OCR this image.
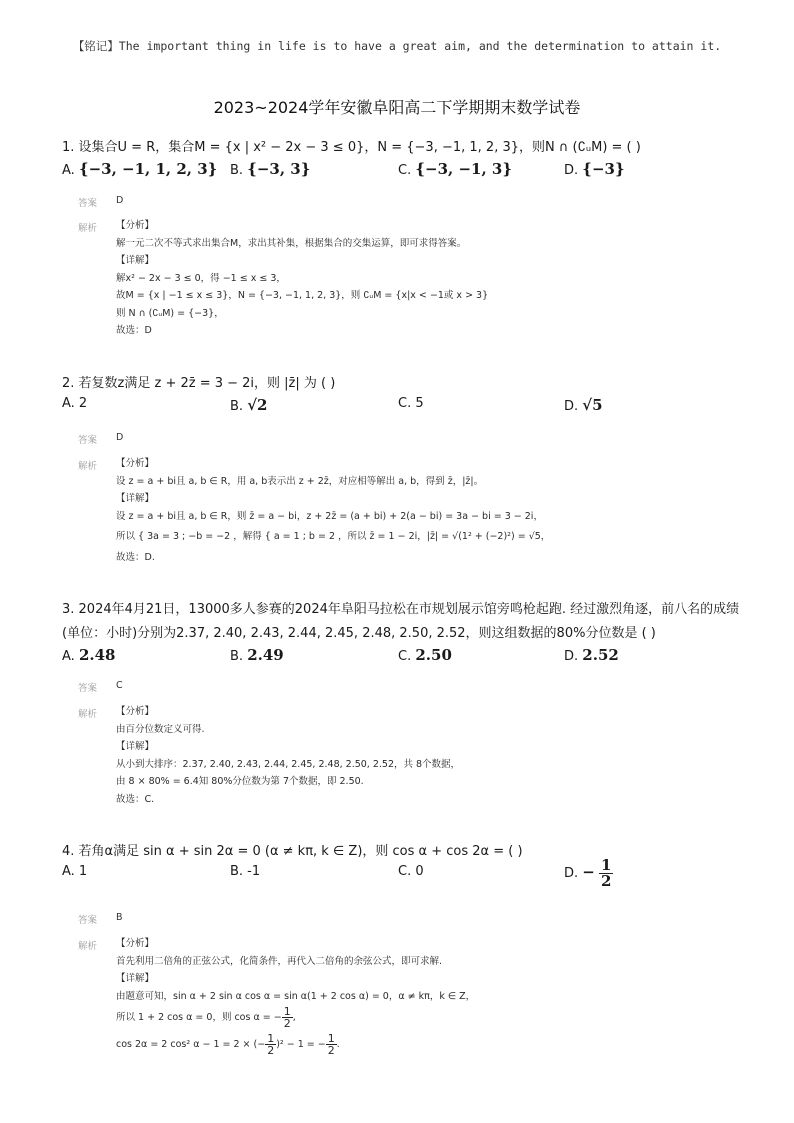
【铭记】The important thing in life is to have a great aim, and the determination to attain it.
2023~2024学年安徽阜阳高二下学期期末数学试卷
1. 设集合U = R，集合M = {x | x² − 2x − 3 ≤ 0}，N = {−3, −1, 1, 2, 3}，则N ∩ (∁ᵤM) = ( )
A. {−3, −1, 1, 2, 3} B. {−3, 3}	C. {−3, −1, 3}	D. {−3}
答案 D
解析 【分析】
解一元二次不等式求出集合M，求出其补集，根据集合的交集运算，即可求得答案。
【详解】
解x² − 2x − 3 ≤ 0，得 −1 ≤ x ≤ 3，
故M = {x | −1 ≤ x ≤ 3}，N = {−3, −1, 1, 2, 3}，则 ∁ᵤM = {x|x < −1或 x > 3}
则 N ∩ (∁ᵤM) = {−3}，
故选：D
2. 若复数z满足 z + 2z̄ = 3 − 2i，则 |z̄| 为 ( )
A. 2	B. √2	C. 5	D. √5
答案 D
解析 【分析】
设 z = a + bi且 a, b ∈ R，用 a, b表示出 z + 2z̄，对应相等解出 a, b，得到 z̄，|z̄|。
【详解】
设 z = a + bi且 a, b ∈ R，则 z̄ = a − bi，z + 2z̄ = (a + bi) + 2(a − bi) = 3a − bi = 3 − 2i，
所以 { 3a = 3 ; −b = −2 ，解得 { a = 1 ; b = 2 ，所以 z̄ = 1 − 2i，|z̄| = √(1² + (−2)²) = √5，
故选：D.
3. 2024年4月21日，13000多人参赛的2024年阜阳马拉松在市规划展示馆旁鸣枪起跑. 经过激烈角逐，前八名的成绩(单位：小时)分别为2.37, 2.40, 2.43, 2.44, 2.45, 2.48, 2.50, 2.52，则这组数据的80%分位数是 ( )
A. 2.48	B. 2.49	C. 2.50	D. 2.52
答案 C
解析 【分析】
由百分位数定义可得.
【详解】
从小到大排序：2.37, 2.40, 2.43, 2.44, 2.45, 2.48, 2.50, 2.52，共 8个数据，
由 8 × 80% = 6.4知 80%分位数为第 7个数据，即 2.50.
故选：C.
4. 若角α满足 sin α + sin 2α = 0 (α ≠ kπ, k ∈ Z)，则 cos α + cos 2α = ( )
A. 1	B. -1	C. 0	D. − $\frac{1}{2}$
答案 B
解析 【分析】
首先利用二倍角的正弦公式，化简条件，再代入二倍角的余弦公式，即可求解.
【详解】
由题意可知，sin α + 2 sin α cos α = sin α(1 + 2 cos α) = 0，α ≠ kπ，k ∈ Z，
所以 1 + 2 cos α = 0，则 cos α = − $\frac{1}{2}$ ,
cos 2α = 2 cos² α − 1 = 2 × (− $\frac{1}{2} )^2 - 1$ = − $\frac{1}{2}$ .
